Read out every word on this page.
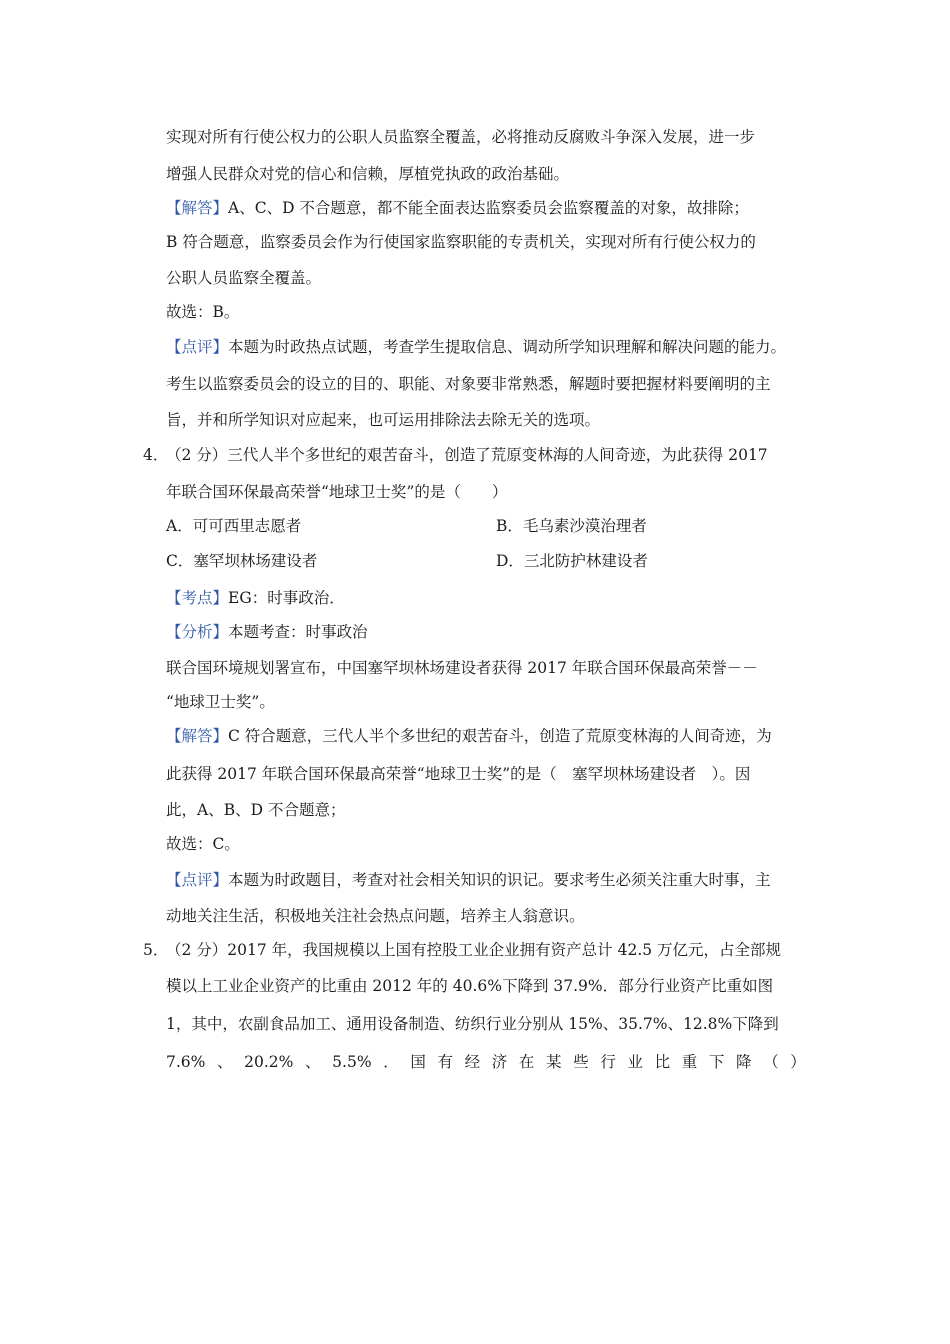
实现对所有行使公权力的公职人员监察全覆盖，必将推动反腐败斗争深入发展，进一步
增强人民群众对党的信心和信赖，厚植党执政的政治基础。
【解答】A、C、D 不合题意，都不能全面表达监察委员会监察覆盖的对象，故排除；
B 符合题意，监察委员会作为行使国家监察职能的专责机关，实现对所有行使公权力的
公职人员监察全覆盖。
故选：B。
【点评】本题为时政热点试题，考查学生提取信息、调动所学知识理解和解决问题的能力。
考生以监察委员会的设立的目的、职能、对象要非常熟悉，解题时要把握材料要阐明的主
旨，并和所学知识对应起来，也可运用排除法去除无关的选项。
4．
（2 分）三代人半个多世纪的艰苦奋斗，创造了荒原变林海的人间奇迹，为此获得 2017
年联合国环保最高荣誉“地球卫士奖”的是（　　）
A．可可西里志愿者	B．毛乌素沙漠治理者
C．塞罕坝林场建设者	D．三北防护林建设者
【考点】EG：时事政治．
【分析】本题考查：时事政治
联合国环境规划署宣布，中国塞罕坝林场建设者获得 2017 年联合国环保最高荣誉－－
“地球卫士奖”。
【解答】C 符合题意，三代人半个多世纪的艰苦奋斗，创造了荒原变林海的人间奇迹，为
此获得 2017 年联合国环保最高荣誉“地球卫士奖”的是（　塞罕坝林场建设者　）。因
此，A、B、D 不合题意；
故选：C。
【点评】本题为时政题目，考查对社会相关知识的识记。要求考生必须关注重大时事，主
动地关注生活，积极地关注社会热点问题，培养主人翁意识。
5．
（2 分）2017 年，我国规模以上国有控股工业企业拥有资产总计 42.5 万亿元，占全部规
模以上工业企业资产的比重由 2012 年的 40.6%下降到 37.9%．部分行业资产比重如图
1，其中，农副食品加工、通用设备制造、纺织行业分别从 15%、35.7%、12.8%下降到
7.6% 、 20.2% 、 5.5% ． 国 有 经 济 在 某 些 行 业 比 重 下 降 （ ）
